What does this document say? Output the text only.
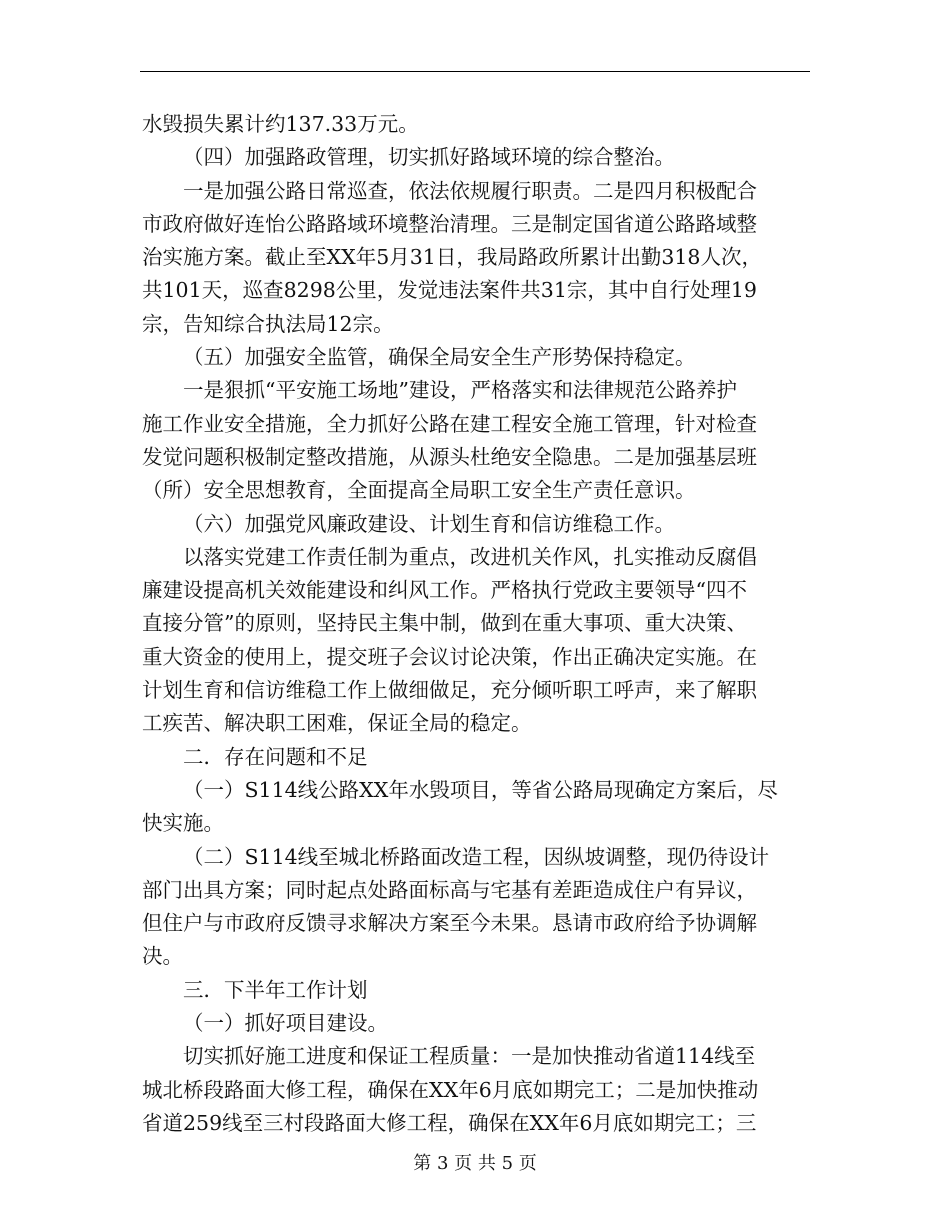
水毁损失累计约137.33万元。
（四）加强路政管理，切实抓好路域环境的综合整治。
一是加强公路日常巡查，依法依规履行职责。二是四月积极配合
市政府做好连怡公路路域环境整治清理。三是制定国省道公路路域整
治实施方案。截止至XX年5月31日，我局路政所累计出勤318人次，
共101天，巡查8298公里，发觉违法案件共31宗，其中自行处理19
宗，告知综合执法局12宗。
（五）加强安全监管，确保全局安全生产形势保持稳定。
一是狠抓“平安施工场地”建设，严格落实和法律规范公路养护
施工作业安全措施，全力抓好公路在建工程安全施工管理，针对检查
发觉问题积极制定整改措施，从源头杜绝安全隐患。二是加强基层班
（所）安全思想教育，全面提高全局职工安全生产责任意识。
（六）加强党风廉政建设、计划生育和信访维稳工作。
以落实党建工作责任制为重点，改进机关作风，扎实推动反腐倡
廉建设提高机关效能建设和纠风工作。严格执行党政主要领导“四不
直接分管”的原则，坚持民主集中制，做到在重大事项、重大决策、
重大资金的使用上，提交班子会议讨论决策，作出正确决定实施。在
计划生育和信访维稳工作上做细做足，充分倾听职工呼声，来了解职
工疾苦、解决职工困难，保证全局的稳定。
二．存在问题和不足
（一）S114线公路XX年水毁项目，等省公路局现确定方案后，尽
快实施。
（二）S114线至城北桥路面改造工程，因纵坡调整，现仍待设计
部门出具方案；同时起点处路面标高与宅基有差距造成住户有异议，
但住户与市政府反馈寻求解决方案至今未果。恳请市政府给予协调解
决。
三．下半年工作计划
（一）抓好项目建设。
切实抓好施工进度和保证工程质量：一是加快推动省道114线至
城北桥段路面大修工程，确保在XX年6月底如期完工；二是加快推动
省道259线至三村段路面大修工程，确保在XX年6月底如期完工；三
第 3 页 共 5 页
